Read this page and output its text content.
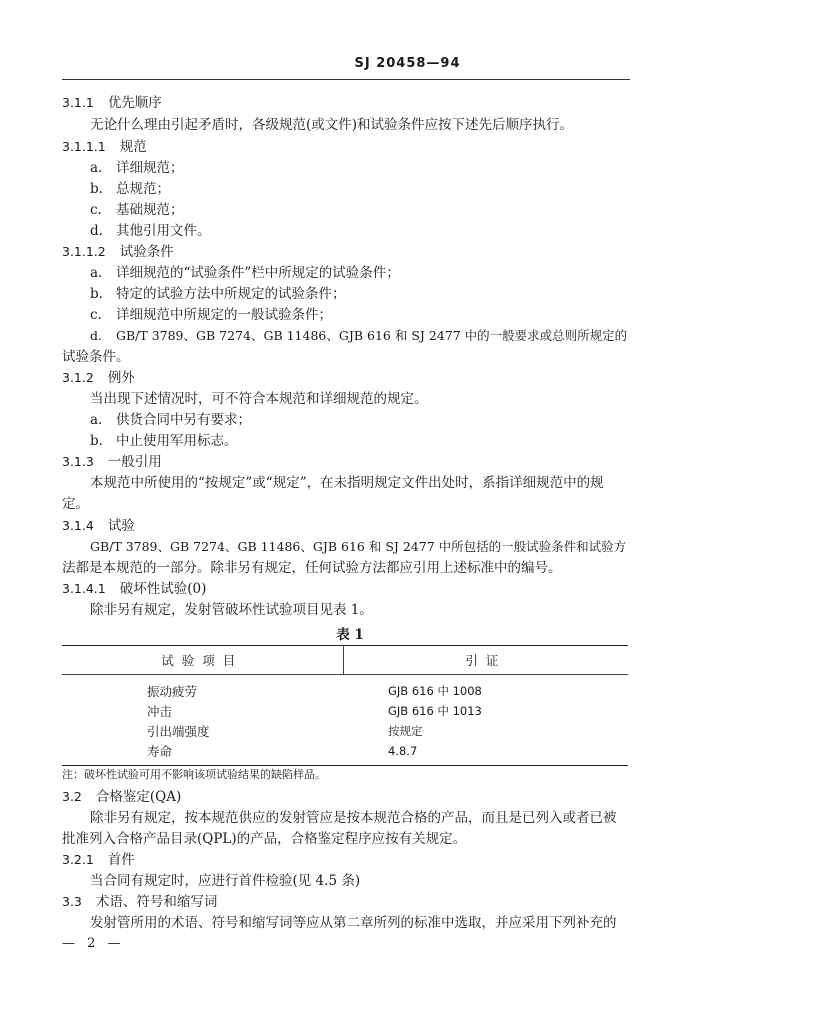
SJ 20458—94
3.1.1 优先顺序
无论什么理由引起矛盾时，各级规范(或文件)和试验条件应按下述先后顺序执行。
3.1.1.1 规范
a. 详细规范；
b. 总规范；
c. 基础规范；
d. 其他引用文件。
3.1.1.2 试验条件
a. 详细规范的“试验条件”栏中所规定的试验条件；
b. 特定的试验方法中所规定的试验条件；
c. 详细规范中所规定的一般试验条件；
d. GB/T 3789、GB 7274、GB 11486、GJB 616 和 SJ 2477 中的一般要求或总则所规定的
试验条件。
3.1.2 例外
当出现下述情况时，可不符合本规范和详细规范的规定。
a. 供货合同中另有要求；
b. 中止使用军用标志。
3.1.3 一般引用
本规范中所使用的“按规定”或“规定”，在未指明规定文件出处时，系指详细规范中的规
定。
3.1.4 试验
GB/T 3789、GB 7274、GB 11486、GJB 616 和 SJ 2477 中所包括的一般试验条件和试验方
法都是本规范的一部分。除非另有规定，任何试验方法都应引用上述标准中的编号。
3.1.4.1 破坏性试验(0)
除非另有规定，发射管破坏性试验项目见表 1。
表 1
试验项目	引证
振动疲劳	GJB 616 中 1008
冲击	GJB 616 中 1013
引出端强度	按规定
寿命	4.8.7
注：破坏性试验可用不影响该项试验结果的缺陷样品。
3.2 合格鉴定(QA)
除非另有规定，按本规范供应的发射管应是按本规范合格的产品，而且是已列入或者已被
批准列入合格产品目录(QPL)的产品，合格鉴定程序应按有关规定。
3.2.1 首件
当合同有规定时，应进行首件检验(见 4.5 条)
3.3 术语、符号和缩写词
发射管所用的术语、符号和缩写词等应从第二章所列的标准中选取，并应采用下列补充的
— 2 —
